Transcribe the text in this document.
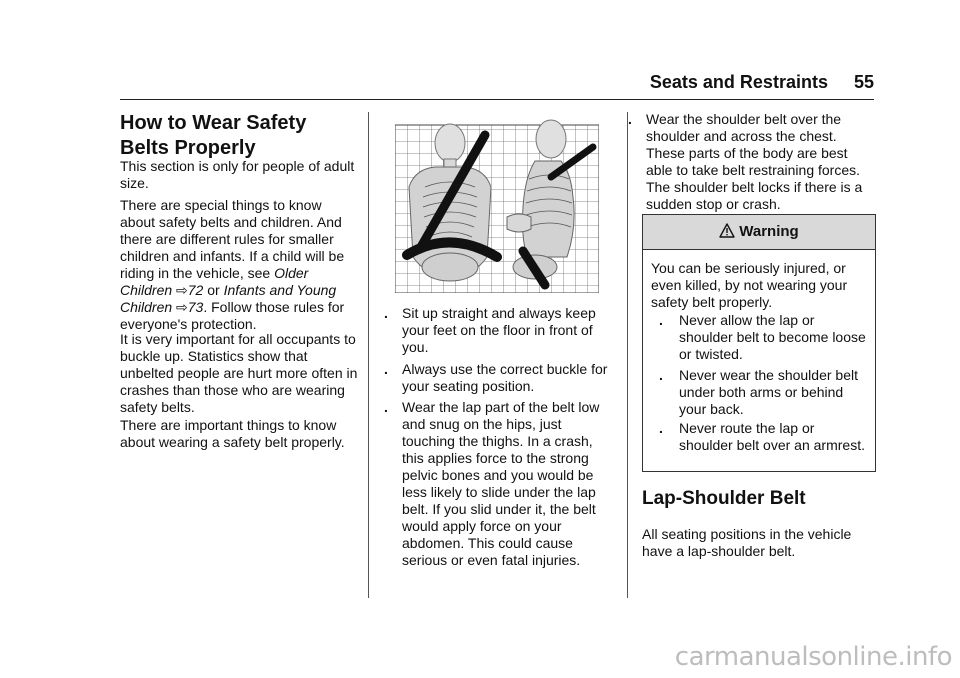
Seats and Restraints 55

How to Wear Safety Belts Properly

This section is only for people of adult size.

There are special things to know about safety belts and children. And there are different rules for smaller children and infants. If a child will be riding in the vehicle, see Older Children ⇨72 or Infants and Young Children ⇨73. Follow those rules for everyone's protection.

It is very important for all occupants to buckle up. Statistics show that unbelted people are hurt more often in crashes than those who are wearing safety belts.

There are important things to know about wearing a safety belt properly.

. Sit up straight and always keep your feet on the floor in front of you.
. Always use the correct buckle for your seating position.
. Wear the lap part of the belt low and snug on the hips, just touching the thighs. In a crash, this applies force to the strong pelvic bones and you would be less likely to slide under the lap belt. If you slid under it, the belt would apply force on your abdomen. This could cause serious or even fatal injuries.
. Wear the shoulder belt over the shoulder and across the chest. These parts of the body are best able to take belt restraining forces. The shoulder belt locks if there is a sudden stop or crash.

Lap-Shoulder Belt

All seating positions in the vehicle have a lap-shoulder belt.

Warning

You can be seriously injured, or even killed, by not wearing your safety belt properly.

. Never allow the lap or shoulder belt to become loose or twisted.
. Never wear the shoulder belt under both arms or behind your back.
. Never route the lap or shoulder belt over an armrest.
carmanualsonline.info
